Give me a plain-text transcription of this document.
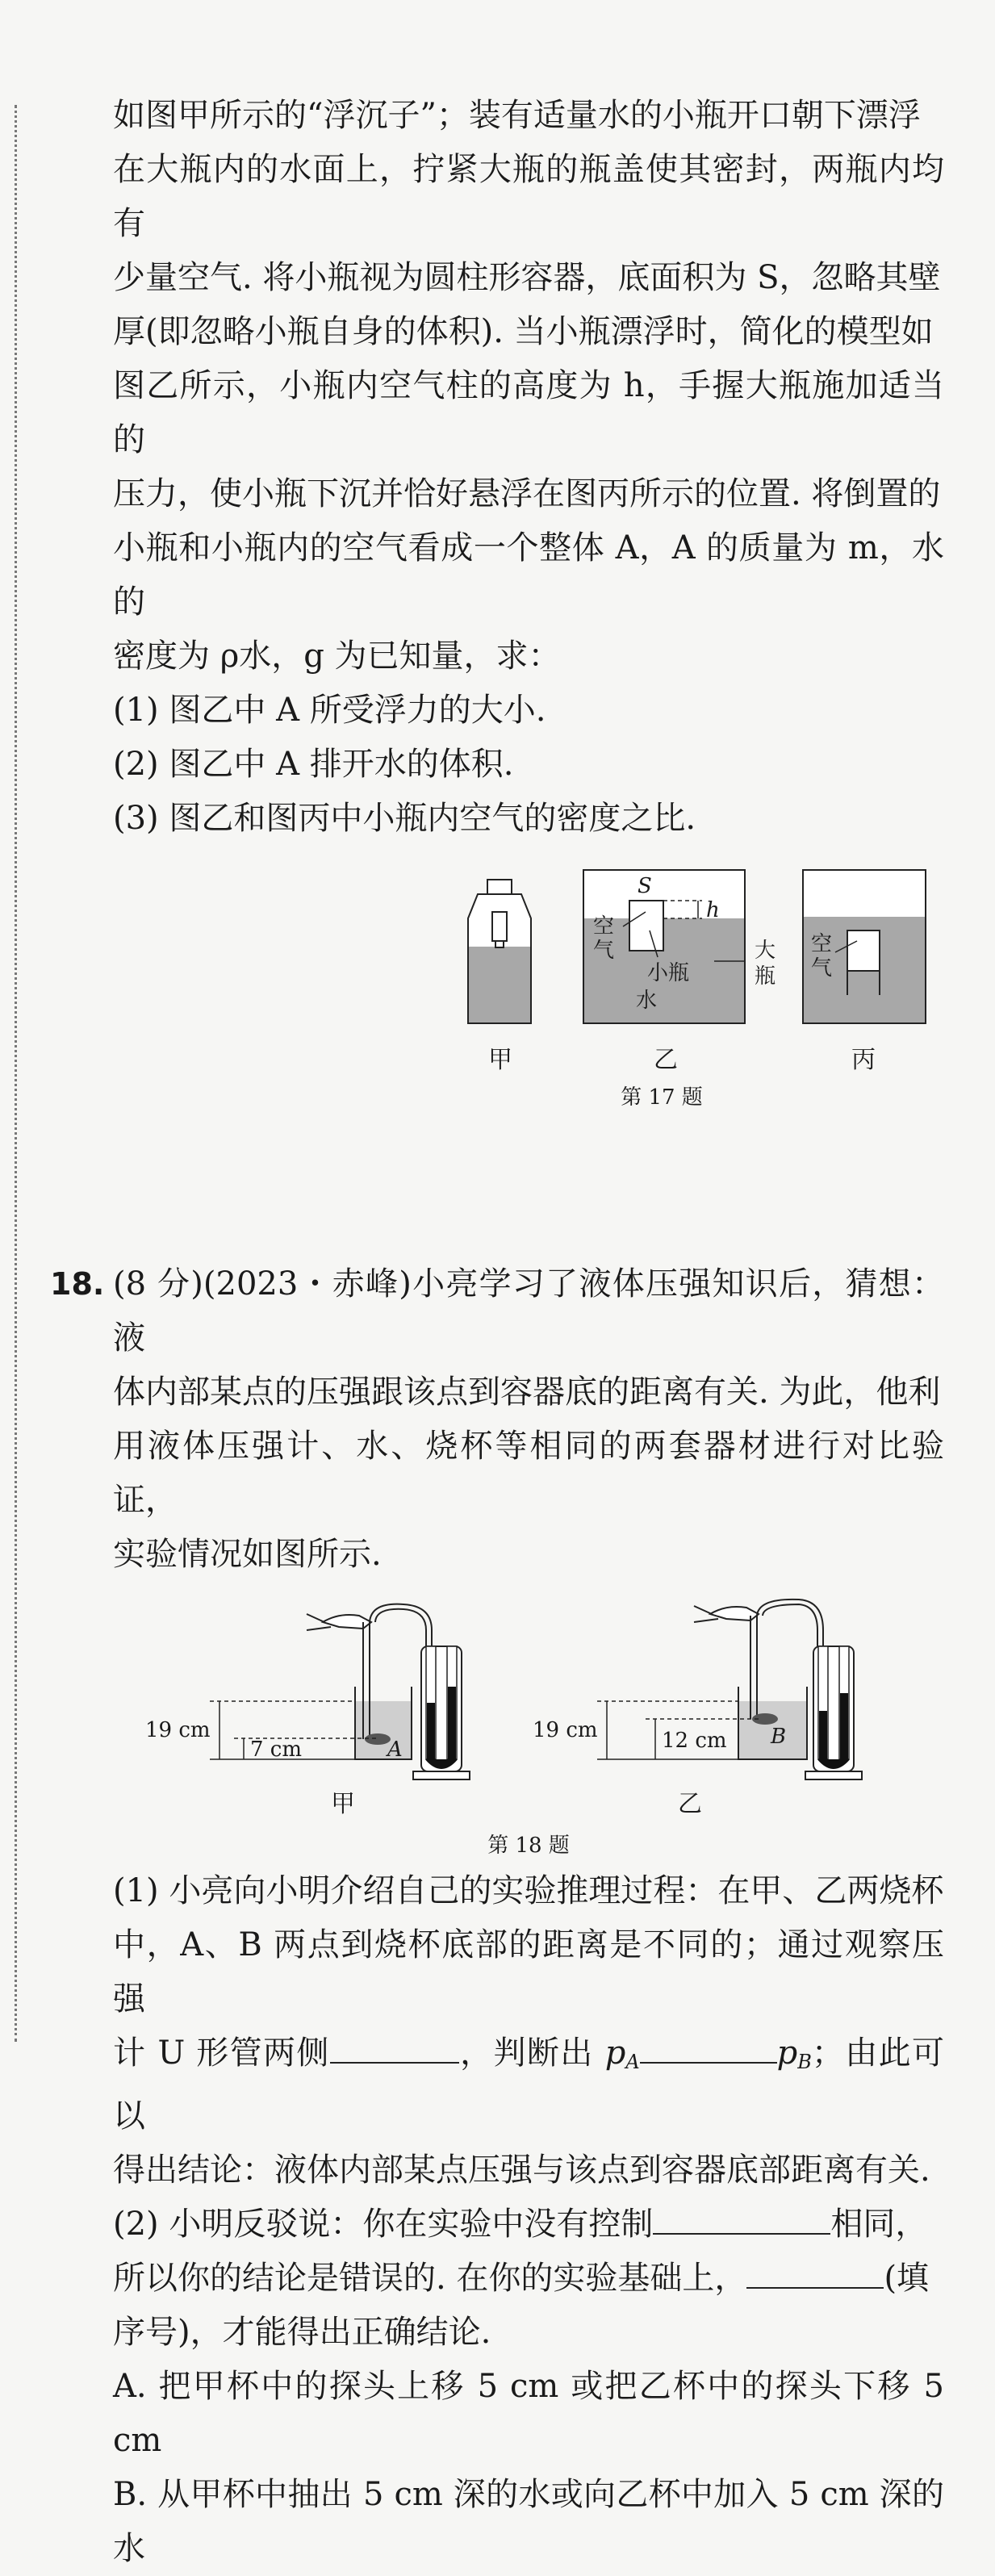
如图甲所示的“浮沉子”；装有适量水的小瓶开口朝下漂浮

在大瓶内的水面上，拧紧大瓶的瓶盖使其密封，两瓶内均有

少量空气. 将小瓶视为圆柱形容器，底面积为 S，忽略其壁

厚(即忽略小瓶自身的体积). 当小瓶漂浮时，简化的模型如

图乙所示，小瓶内空气柱的高度为 h，手握大瓶施加适当的

压力，使小瓶下沉并恰好悬浮在图丙所示的位置. 将倒置的

小瓶和小瓶内的空气看成一个整体 A，A 的质量为 m，水的

密度为 ρ水，g 为已知量，求：

(1) 图乙中 A 所受浮力的大小.

(2) 图乙中 A 排开水的体积.

(3) 图乙和图丙中小瓶内空气的密度之比.

甲
S
h
空
气
小瓶
大
瓶
水
乙
空
气
丙
第 17 题
18. (8 分)(2023・赤峰)小亮学习了液体压强知识后，猜想：液

体内部某点的压强跟该点到容器底的距离有关. 为此，他利

用液体压强计、水、烧杯等相同的两套器材进行对比验证，

实验情况如图所示.

19 cm
7 cm	A
甲
19 cm	12 cm B
乙
第 18 题

(1) 小亮向小明介绍自己的实验推理过程：在甲、乙两烧杯

中，A、B 两点到烧杯底部的距离是不同的；通过观察压强

计 U 形管两侧	，判断出 $p_A$	$p_B$；由此可以

得出结论：液体内部某点压强与该点到容器底部距离有关.

(2) 小明反驳说：你在实验中没有控制	相同，

所以你的结论是错误的. 在你的实验基础上，	(填

序号)，才能得出正确结论.

A. 把甲杯中的探头上移 5 cm 或把乙杯中的探头下移 5 cm

B. 从甲杯中抽出 5 cm 深的水或向乙杯中加入 5 cm 深的水
